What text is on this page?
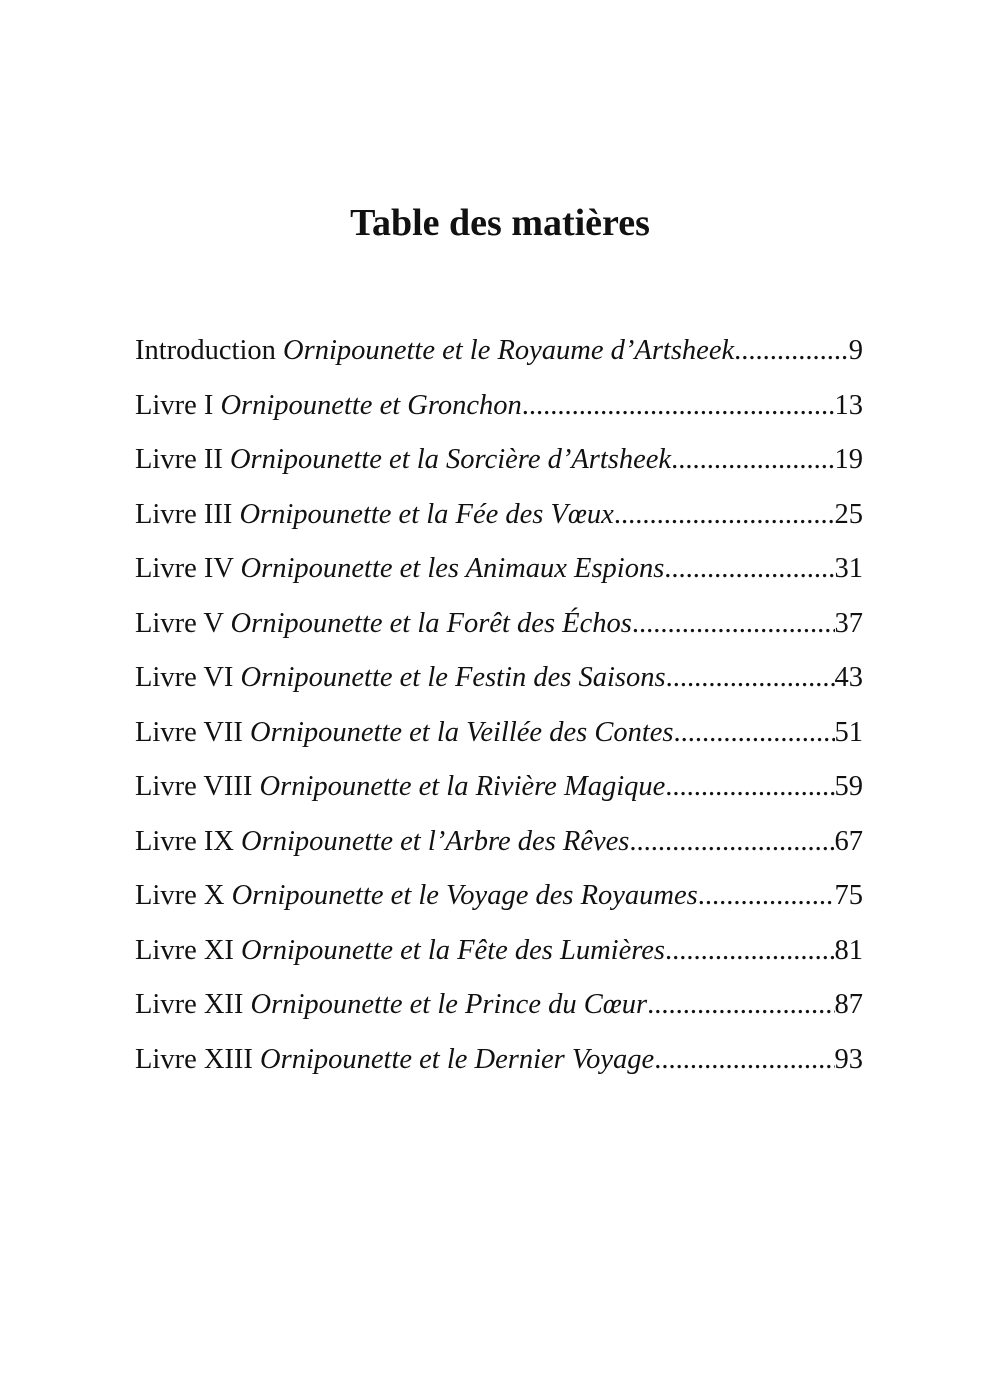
Table des matières
Introduction Ornipounette et le Royaume d’Artsheek .....	9
Livre I Ornipounette et Gronchon .....	13
Livre II Ornipounette et la Sorcière d’Artsheek .....	19
Livre III Ornipounette et la Fée des Vœux .....	25
Livre IV Ornipounette et les Animaux Espions .....	31
Livre V Ornipounette et la Forêt des Échos .....	37
Livre VI Ornipounette et le Festin des Saisons .....	43
Livre VII Ornipounette et la Veillée des Contes .....	51
Livre VIII Ornipounette et la Rivière Magique .....	59
Livre IX Ornipounette et l’Arbre des Rêves .....	67
Livre X Ornipounette et le Voyage des Royaumes .....	75
Livre XI Ornipounette et la Fête des Lumières .....	81
Livre XII Ornipounette et le Prince du Cœur .....	87
Livre XIII Ornipounette et le Dernier Voyage .....	93
